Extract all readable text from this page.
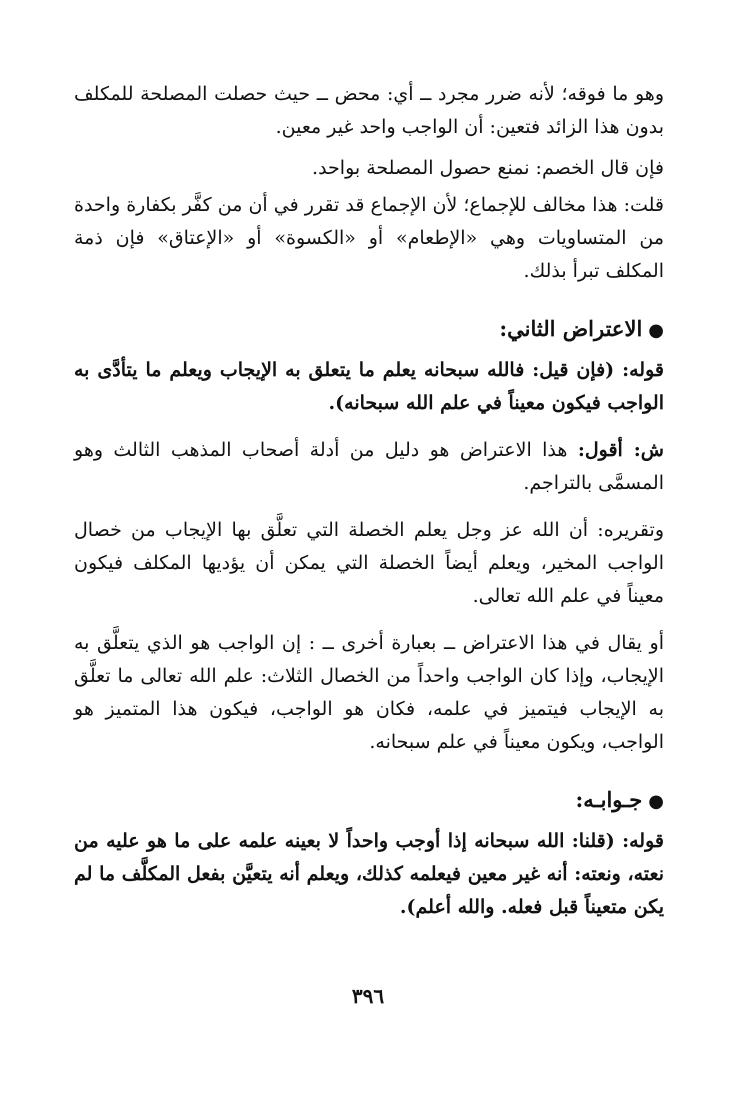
وهو ما فوقه؛ لأنه ضرر مجرد ــ أي: محض ــ حيث حصلت المصلحة للمكلف بدون هذا الزائد فتعين: أن الواجب واحد غير معين.

فإن قال الخصم: نمنع حصول المصلحة بواحد.

قلت: هذا مخالف للإجماع؛ لأن الإجماع قد تقرر في أن من كفَّر بكفارة واحدة من المتساويات وهي «الإطعام» أو «الكسوة» أو «الإعتاق» فإن ذمة المكلف تبرأ بذلك.

●الاعتراض الثاني:

قوله: (فإن قيل: فالله سبحانه يعلم ما يتعلق به الإيجاب ويعلم ما يتأدَّى به الواجب فيكون معيناً في علم الله سبحانه).

ش: أقول: هذا الاعتراض هو دليل من أدلة أصحاب المذهب الثالث وهو المسمَّى بالتراجم.

وتقريره: أن الله عز وجل يعلم الخصلة التي تعلَّق بها الإيجاب من خصال الواجب المخير، ويعلم أيضاً الخصلة التي يمكن أن يؤديها المكلف فيكون معيناً في علم الله تعالى.

أو يقال في هذا الاعتراض ــ بعبارة أخرى ــ : إن الواجب هو الذي يتعلَّق به الإيجاب، وإذا كان الواجب واحداً من الخصال الثلاث: علم الله تعالى ما تعلَّق به الإيجاب فيتميز في علمه، فكان هو الواجب، فيكون هذا المتميز هو الواجب، ويكون معيناً في علم سبحانه.

●جـوابـه:

قوله: (قلنا: الله سبحانه إذا أوجب واحداً لا بعينه علمه على ما هو عليه من نعته، ونعته: أنه غير معين فيعلمه كذلك، ويعلم أنه يتعيَّن بفعل المكلَّف ما لم يكن متعيناً قبل فعله. والله أعلم).

٣٩٦
